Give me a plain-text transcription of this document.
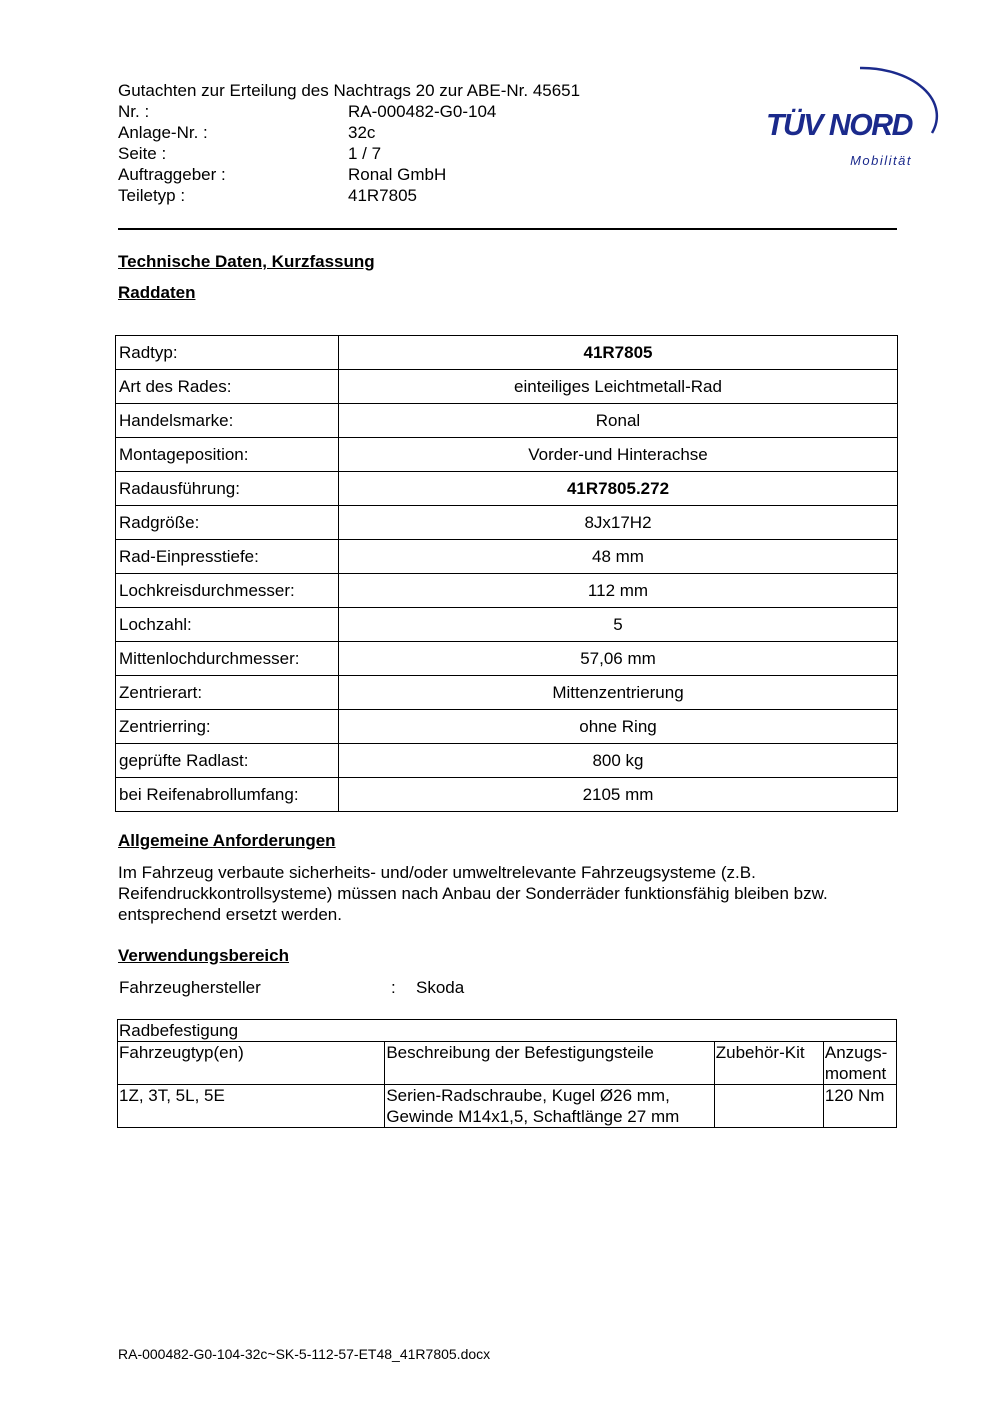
Gutachten zur Erteilung des Nachtrags 20 zur ABE-Nr. 45651
Nr. :	RA-000482-G0-104
Anlage-Nr. :	32c
Seite :	1 / 7
Auftraggeber :	Ronal GmbH
Teiletyp :	41R7805
TÜV NORD
Mobilität
Technische Daten, Kurzfassung
Raddaten
Radtyp:	41R7805
Art des Rades:	einteiliges Leichtmetall-Rad
Handelsmarke:	Ronal
Montageposition:	Vorder-und Hinterachse
Radausführung:	41R7805.272
Radgröße:	8Jx17H2
Rad-Einpresstiefe:	48 mm
Lochkreisdurchmesser:	112 mm
Lochzahl:	5
Mittenlochdurchmesser:	57,06 mm
Zentrierart:	Mittenzentrierung
Zentrierring:	ohne Ring
geprüfte Radlast:	800 kg
bei Reifenabrollumfang:	2105 mm
Allgemeine Anforderungen
Im Fahrzeug verbaute sicherheits- und/oder umweltrelevante Fahrzeugsysteme (z.B. Reifendruckkontrollsysteme) müssen nach Anbau der Sonderräder funktionsfähig bleiben bzw. entsprechend ersetzt werden.
Verwendungsbereich
Fahrzeughersteller	:	Skoda
Radbefestigung			
Fahrzeugtyp(en)	Beschreibung der Befestigungsteile	Zubehör-Kit	Anzugs-moment
1Z, 3T, 5L, 5E	Serien-Radschraube, Kugel Ø26 mm, Gewinde M14x1,5, Schaftlänge 27 mm		120 Nm
RA-000482-G0-104-32c~SK-5-112-57-ET48_41R7805.docx
